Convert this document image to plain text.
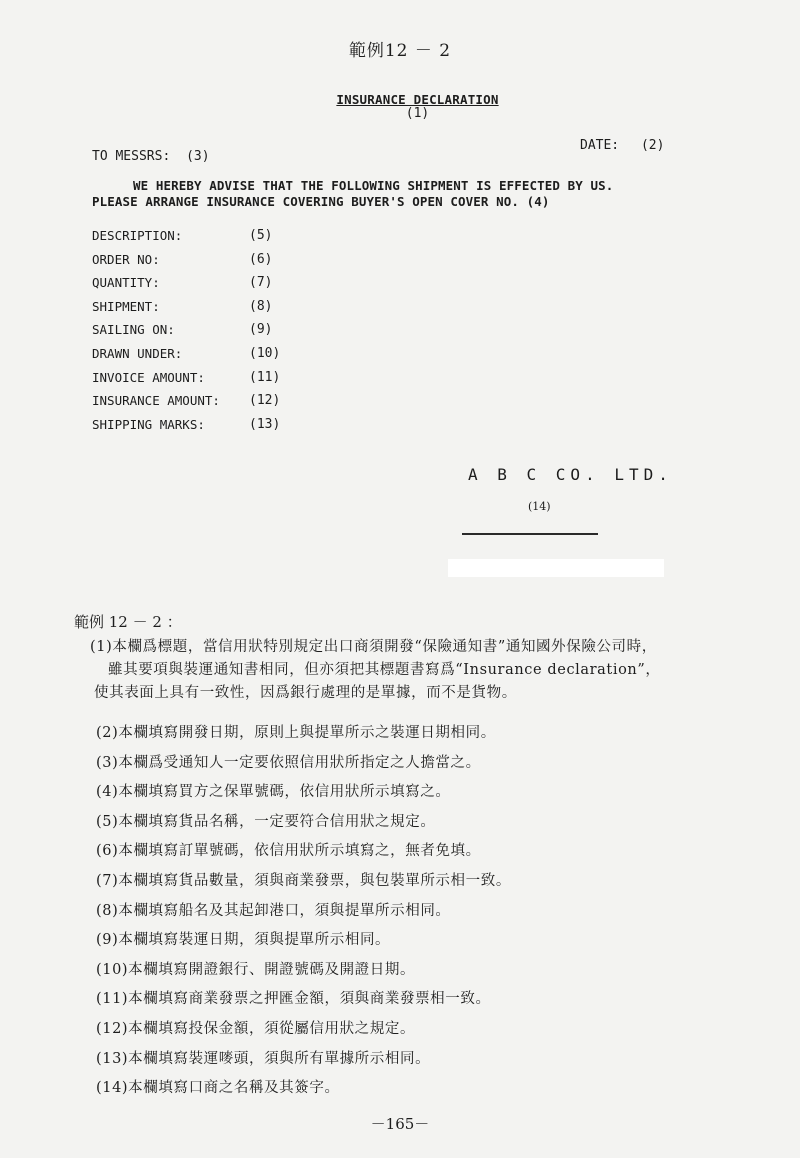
範例12 － 2
INSURANCE DECLARATION
(1)
TO MESSRS: (3)
DATE: (2)
WE HEREBY ADVISE THAT THE FOLLOWING SHIPMENT IS EFFECTED BY US.
PLEASE ARRANGE INSURANCE COVERING BUYER'S OPEN COVER NO. (4)
DESCRIPTION:	(5)
ORDER NO:	(6)
QUANTITY:	(7)
SHIPMENT:	(8)
SAILING ON:	(9)
DRAWN UNDER:	(10)
INVOICE AMOUNT:	(11)
INSURANCE AMOUNT: (12)
SHIPPING MARKS:	(13)
A B C CO. LTD.
(14)
範例 12 － 2 ：
(1)本欄爲標題，當信用狀特別規定出口商須開發“保險通知書”通知國外保險公司時，
雖其要項與裝運通知書相同，但亦須把其標題書寫爲“Insurance declaration”，
使其表面上具有一致性，因爲銀行處理的是單據，而不是貨物。
(2)本欄填寫開發日期，原則上與提單所示之裝運日期相同。
(3)本欄爲受通知人一定要依照信用狀所指定之人擔當之。
(4)本欄填寫買方之保單號碼，依信用狀所示填寫之。
(5)本欄填寫貨品名稱，一定要符合信用狀之規定。
(6)本欄填寫訂單號碼，依信用狀所示填寫之，無者免填。
(7)本欄填寫貨品數量，須與商業發票，與包裝單所示相一致。
(8)本欄填寫船名及其起卸港口，須與提單所示相同。
(9)本欄填寫裝運日期，須與提單所示相同。
(10)本欄填寫開證銀行、開證號碼及開證日期。
(11)本欄填寫商業發票之押匯金額，須與商業發票相一致。
(12)本欄填寫投保金額，須從屬信用狀之規定。
(13)本欄填寫裝運嘜頭，須與所有單據所示相同。
(14)本欄填寫口商之名稱及其簽字。
－165－
